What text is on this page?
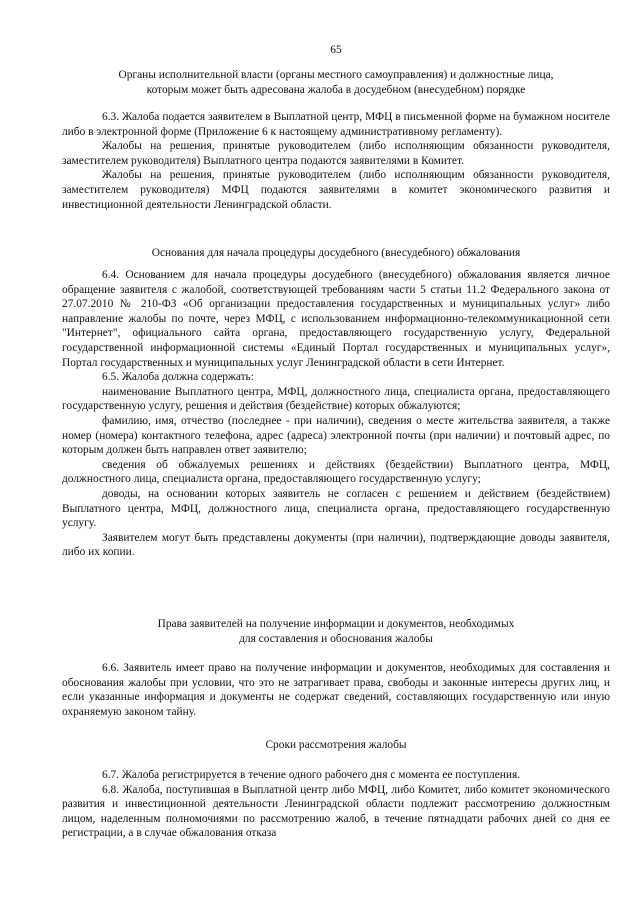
65
Органы исполнительной власти (органы местного самоуправления) и должностные лица,
которым может быть адресована жалоба в досудебном (внесудебном) порядке

6.3. Жалоба подается заявителем в Выплатной центр, МФЦ в письменной форме на бумажном носителе либо в электронной форме (Приложение 6 к настоящему административному регламенту).

Жалобы на решения, принятые руководителем (либо исполняющим обязанности руководителя, заместителем руководителя) Выплатного центра подаются заявителями в Комитет.

Жалобы на решения, принятые руководителем (либо исполняющим обязанности руководителя, заместителем руководителя) МФЦ подаются заявителями в комитет экономического развития и инвестиционной деятельности Ленинградской области.

Основания для начала процедуры досудебного (внесудебного) обжалования

6.4. Основанием для начала процедуры досудебного (внесудебного) обжалования является личное обращение заявителя с жалобой, соответствующей требованиям части 5 статьи 11.2 Федерального закона от 27.07.2010 № 210-ФЗ «Об организации предоставления государственных и муниципальных услуг» либо направление жалобы по почте, через МФЦ, с использованием информационно-телекоммуникационной сети "Интернет", официального сайта органа, предоставляющего государственную услугу, Федеральной государственной информационной системы «Единый Портал государственных и муниципальных услуг», Портал государственных и муниципальных услуг Ленинградской области в сети Интернет.

6.5. Жалоба должна содержать:

наименование Выплатного центра, МФЦ, должностного лица, специалиста органа, предоставляющего государственную услугу, решения и действия (бездействие) которых обжалуются;

фамилию, имя, отчество (последнее - при наличии), сведения о месте жительства заявителя, а также номер (номера) контактного телефона, адрес (адреса) электронной почты (при наличии) и почтовый адрес, по которым должен быть направлен ответ заявителю;

сведения об обжалуемых решениях и действиях (бездействии) Выплатного центра, МФЦ, должностного лица, специалиста органа, предоставляющего государственную услугу;

доводы, на основании которых заявитель не согласен с решением и действием (бездействием) Выплатного центра, МФЦ, должностного лица, специалиста органа, предоставляющего государственную услугу.

Заявителем могут быть представлены документы (при наличии), подтверждающие доводы заявителя, либо их копии.

Права заявителей на получение информации и документов, необходимых
для составления и обоснования жалобы

6.6. Заявитель имеет право на получение информации и документов, необходимых для составления и обоснования жалобы при условии, что это не затрагивает права, свободы и законные интересы других лиц, и если указанные информация и документы не содержат сведений, составляющих государственную или иную охраняемую законом тайну.

Сроки рассмотрения жалобы

6.7. Жалоба регистрируется в течение одного рабочего дня с момента ее поступления.

6.8. Жалоба, поступившая в Выплатной центр либо МФЦ, либо Комитет, либо комитет экономического развития и инвестиционной деятельности Ленинградской области подлежит рассмотрению должностным лицом, наделенным полномочиями по рассмотрению жалоб, в течение пятнадцати рабочих дней со дня ее регистрации, а в случае обжалования отказа
